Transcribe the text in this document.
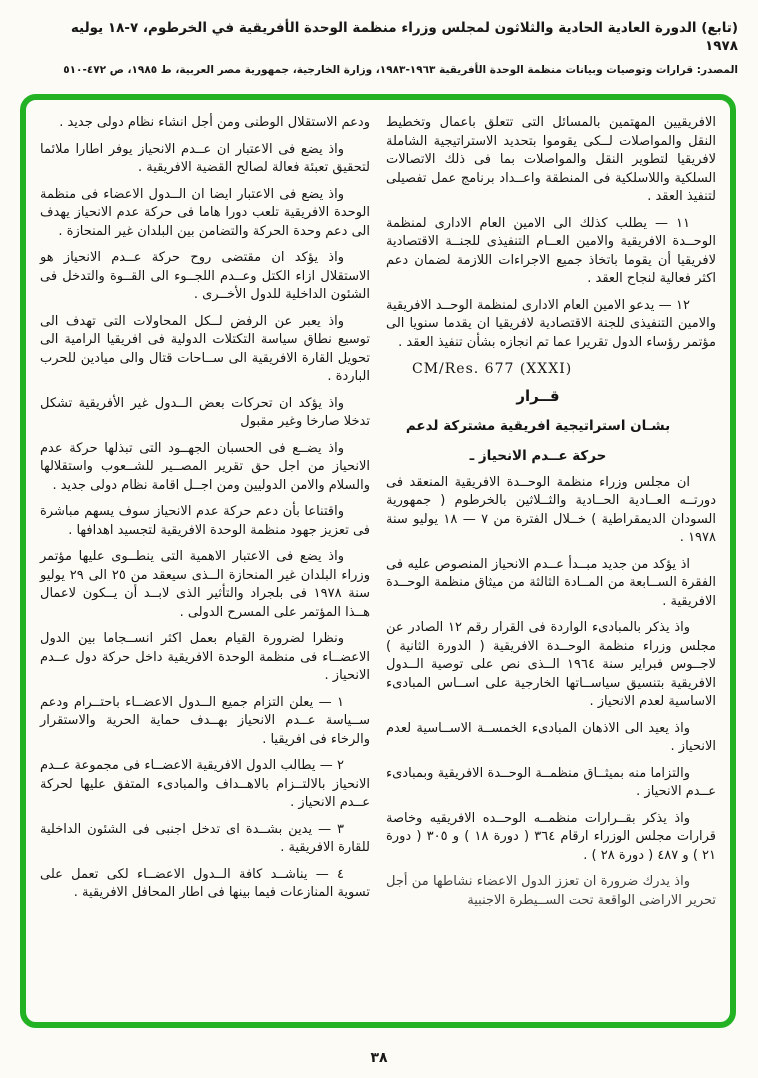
(تابع) الدورة العادية الحادية والثلاثون لمجلس وزراء منظمة الوحدة الأفريقية في الخرطوم، ٧-١٨ يوليه ١٩٧٨
المصدر: قرارات وتوصيات وبيانات منظمة الوحدة الأفريقية ١٩٦٣-١٩٨٣، وزارة الخارجية، جمهورية مصر العربية، ط ١٩٨٥، ص ٤٧٢-٥١٠

الافريقيين المهتمين بالمسائل التى تتعلق باعمال وتخطيط النقل والمواصلات لــكى يقوموا بتحديد الاستراتيجية الشاملة لافريقيا لتطوير النقل والمواصلات بما فى ذلك الاتصالات السلكية واللاسلكية فى المنطقة واعــداد برنامج عمل تفصيلى لتنفيذ العقد .

١١ — يطلب كذلك الى الامين العام الادارى لمنظمة الوحــدة الافريقية والامين العــام التنفيذى للجنــة الاقتصادية لافريقيا أن يقوما باتخاذ جميع الاجراءات اللازمة لضمان دعم اكثر فعالية لنجاح العقد .

١٢ — يدعو الامين العام الادارى لمنظمة الوحــد الافريقية والامين التنفيذى للجنة الاقتصادية لافريقيا ان يقدما سنويا الى مؤتمر رؤساء الدول تقريرا عما تم انجازه بشأن تنفيذ العقد .

CM/Res. 677 (XXXI)

قــرار

بشـان استراتيجية افريقية مشتركة لدعم

حركة عــدم الانحياز ـ

ان مجلس وزراء منظمة الوحــدة الافريقية المنعقد فى دورتــه العــادية الحــادية والثــلاثين بالخرطوم ( جمهورية السودان الديمقراطية ) خــلال الفترة من ٧ — ١٨ يوليو سنة ١٩٧٨ .

اذ يؤكد من جديد مبــدأ عــدم الانحياز المنصوص عليه فى الفقرة الســابعة من المــادة الثالثة من ميثاق منظمة الوحــدة الافريقية .

واذ يذكر بالمبادىء الواردة فى القرار رقم ١٢ الصادر عن مجلس وزراء منظمة الوحــدة الافريقية ( الدورة الثانية ) لاجــوس فبراير سنة ١٩٦٤ الــذى نص على توصية الــدول الافريقية بتنسيق سياســاتها الخارجية على اســاس المبادىء الاساسية لعدم الانحياز .

واذ يعيد الى الاذهان المبادىء الخمســة الاســاسية لعدم الانحياز .

والتزاما منه بميثــاق منظمــة الوحــدة الافريقية وبمبادىء عــدم الانحياز .

واذ يذكر بقــرارات منظمــه الوحــده الافريقيه وخاصة قرارات مجلس الوزراء ارقام ٣٦٤ ( دورة ١٨ ) و ٣٠٥ ( دورة ٢١ ) و ٤٨٧ ( دورة ٢٨ ) .

واذ يدرك ضرورة ان تعزز الدول الاعضاء نشاطها من أجل تحرير الاراضى الواقعة تحت الســيطرة الاجنبية

ودعم الاستقلال الوطنى ومن أجل انشاء نظام دولى جديد .

واذ يضع فى الاعتبار ان عــدم الانحياز يوفر اطارا ملائما لتحقيق تعبئة فعالة لصالح القضية الافريقية .

واذ يضع فى الاعتبار ايضا ان الــدول الاعضاء فى منظمة الوحدة الافريقية تلعب دورا هاما فى حركة عدم الانحياز يهدف الى دعم وحدة الحركة والتضامن بين البلدان غير المنحازة .

واذ يؤكد ان مقتضى روح حركة عــدم الانحياز هو الاستقلال ازاء الكتل وعــدم اللجــوء الى القــوة والتدخل فى الشئون الداخلية للدول الأخــرى .

واذ يعبر عن الرفض لــكل المحاولات التى تهدف الى توسيع نطاق سياسة التكتلات الدولية فى افريقيا الرامية الى تحويل القارة الافريقية الى ســاحات قتال والى ميادين للحرب الباردة .

واذ يؤكد ان تحركات بعض الــدول غير الأفريقية تشكل تدخلا صارخا وغير مقبول

واذ يضــع فى الحسبان الجهــود التى تبذلها حركة عدم الانحياز من اجل حق تقرير المصــير للشــعوب واستقلالها والسلام والامن الدوليين ومن اجــل اقامة نظام دولى جديد .

واقتناعا بأن دعم حركة عدم الانحياز سوف يسهم مباشرة فى تعزيز جهود منظمة الوحدة الافريقية لتجسيد اهدافها .

واذ يضع فى الاعتبار الاهمية التى ينطــوى عليها مؤتمر وزراء البلدان غير المنحازة الــذى سيعقد من ٢٥ الى ٢٩ يوليو سنة ١٩٧٨ فى بلجراد والتأثير الذى لابــد أن يــكون لاعمال هــذا المؤتمر على المسرح الدولى .

ونظرا لضرورة القيام بعمل اكثر انســجاما بين الدول الاعضــاء فى منظمة الوحدة الافريقية داخل حركة دول عــدم الانحياز .

١ — يعلن التزام جميع الــدول الاعضــاء باحتــرام ودعم ســياسة عــدم الانحياز بهــدف حماية الحرية والاستقرار والرخاء فى افريقيا .

٢ — يطالب الدول الافريقية الاعضــاء فى مجموعة عــدم الانحياز بالالتــزام بالاهــداف والمبادىء المتفق عليها لحركة عــدم الانحياز .

٣ — يدين بشــدة اى تدخل اجنبى فى الشئون الداخلية للقارة الافريقية .

٤ — يناشــد كافة الــدول الاعضــاء لكى تعمل على تسوية المنازعات فيما بينها فى اطار المحافل الافريقية .

٣٨
